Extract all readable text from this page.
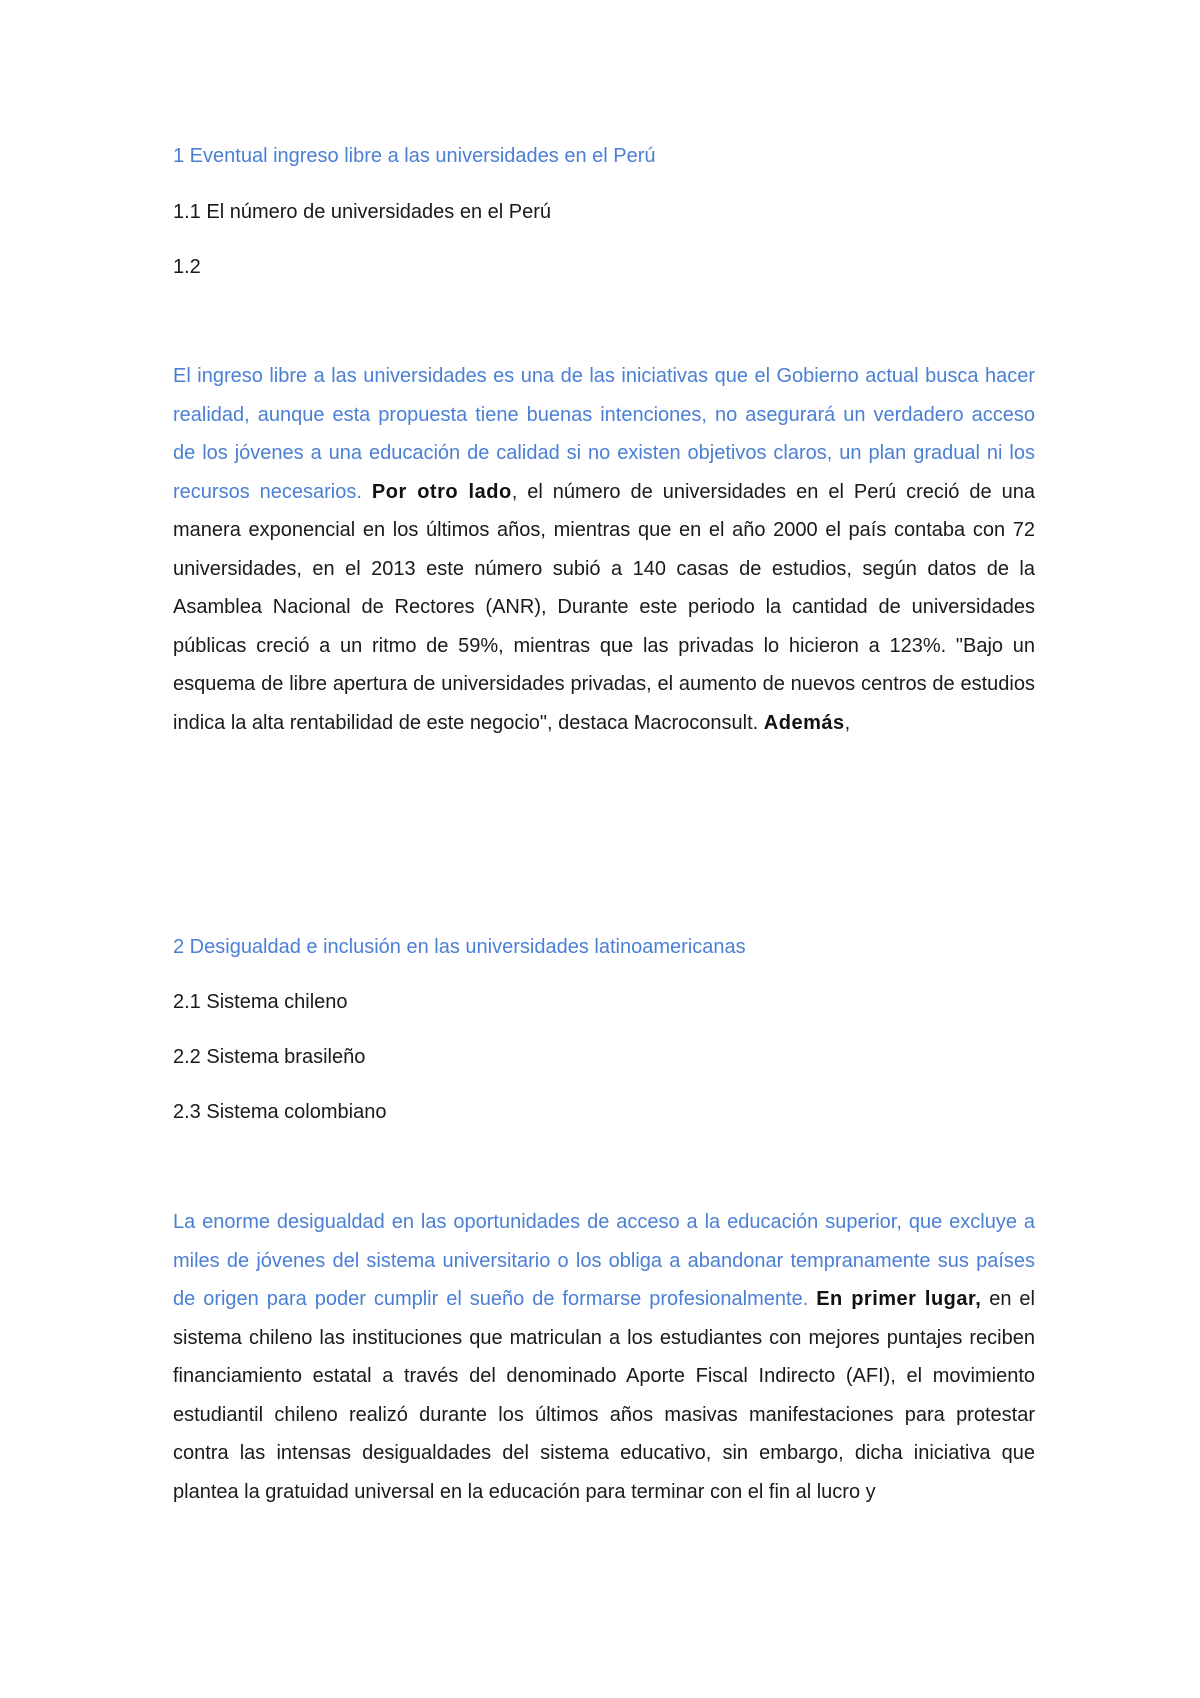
1 Eventual ingreso libre a las universidades en el Perú
1.1 El número de universidades en el Perú
1.2

El ingreso libre a las universidades es una de las iniciativas que el Gobierno actual busca hacer realidad, aunque esta propuesta tiene buenas intenciones, no asegurará un verdadero acceso de los jóvenes a una educación de calidad si no existen objetivos claros, un plan gradual ni los recursos necesarios. Por otro lado, el número de universidades en el Perú creció de una manera exponencial en los últimos años, mientras que en el año 2000 el país contaba con 72 universidades, en el 2013 este número subió a 140 casas de estudios, según datos de la Asamblea Nacional de Rectores (ANR), Durante este periodo la cantidad de universidades públicas creció a un ritmo de 59%, mientras que las privadas lo hicieron a 123%. "Bajo un esquema de libre apertura de universidades privadas, el aumento de nuevos centros de estudios indica la alta rentabilidad de este negocio", destaca Macroconsult. Además,

2 Desigualdad e inclusión en las universidades latinoamericanas
2.1 Sistema chileno
2.2 Sistema brasileño
2.3 Sistema colombiano

La enorme desigualdad en las oportunidades de acceso a la educación superior, que excluye a miles de jóvenes del sistema universitario o los obliga a abandonar tempranamente sus países de origen para poder cumplir el sueño de formarse profesionalmente. En primer lugar, en el sistema chileno las instituciones que matriculan a los estudiantes con mejores puntajes reciben financiamiento estatal a través del denominado Aporte Fiscal Indirecto (AFI), el movimiento estudiantil chileno realizó durante los últimos años masivas manifestaciones para protestar contra las intensas desigualdades del sistema educativo, sin embargo, dicha iniciativa que plantea la gratuidad universal en la educación para terminar con el fin al lucro y
